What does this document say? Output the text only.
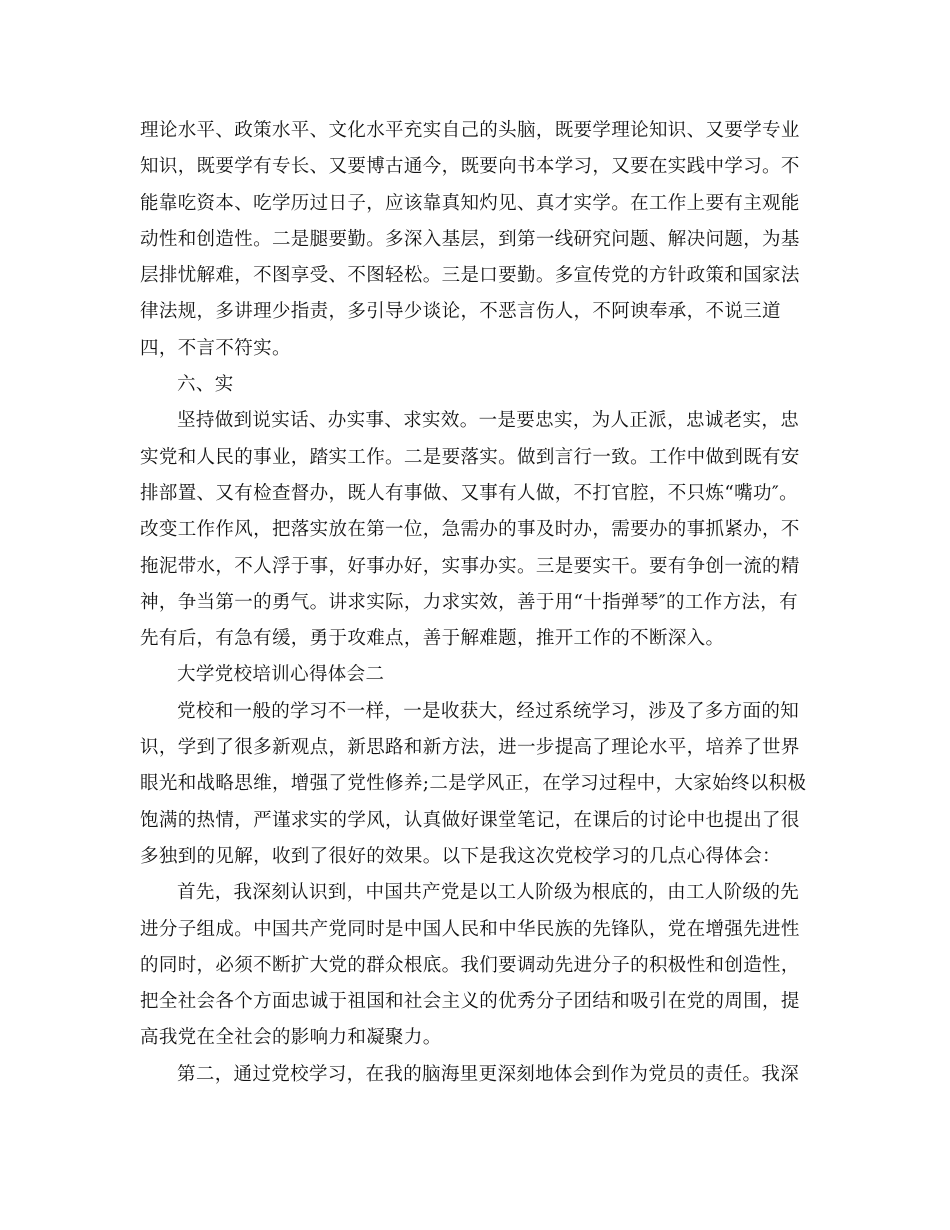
理论水平、政策水平、文化水平充实自己的头脑，既要学理论知识、又要学专业
知识，既要学有专长、又要博古通今，既要向书本学习，又要在实践中学习。不
能靠吃资本、吃学历过日子，应该靠真知灼见、真才实学。在工作上要有主观能
动性和创造性。二是腿要勤。多深入基层，到第一线研究问题、解决问题，为基
层排忧解难，不图享受、不图轻松。三是口要勤。多宣传党的方针政策和国家法
律法规，多讲理少指责，多引导少谈论，不恶言伤人，不阿谀奉承，不说三道
四，不言不符实。
六、实
坚持做到说实话、办实事、求实效。一是要忠实，为人正派，忠诚老实，忠
实党和人民的事业，踏实工作。二是要落实。做到言行一致。工作中做到既有安
排部置、又有检查督办，既人有事做、又事有人做，不打官腔，不只炼“嘴功″。
改变工作作风，把落实放在第一位，急需办的事及时办，需要办的事抓紧办，不
拖泥带水，不人浮于事，好事办好，实事办实。三是要实干。要有争创一流的精
神，争当第一的勇气。讲求实际，力求实效，善于用“十指弹琴″的工作方法，有
先有后，有急有缓，勇于攻难点，善于解难题，推开工作的不断深入。
大学党校培训心得体会二
党校和一般的学习不一样，一是收获大，经过系统学习，涉及了多方面的知
识，学到了很多新观点，新思路和新方法，进一步提高了理论水平，培养了世界
眼光和战略思维，增强了党性修养;二是学风正，在学习过程中，大家始终以积极
饱满的热情，严谨求实的学风，认真做好课堂笔记，在课后的讨论中也提出了很
多独到的见解，收到了很好的效果。以下是我这次党校学习的几点心得体会：
首先，我深刻认识到，中国共产党是以工人阶级为根底的，由工人阶级的先
进分子组成。中国共产党同时是中国人民和中华民族的先锋队，党在增强先进性
的同时，必须不断扩大党的群众根底。我们要调动先进分子的积极性和创造性，
把全社会各个方面忠诚于祖国和社会主义的优秀分子团结和吸引在党的周围，提
高我党在全社会的影响力和凝聚力。
第二，通过党校学习，在我的脑海里更深刻地体会到作为党员的责任。我深
